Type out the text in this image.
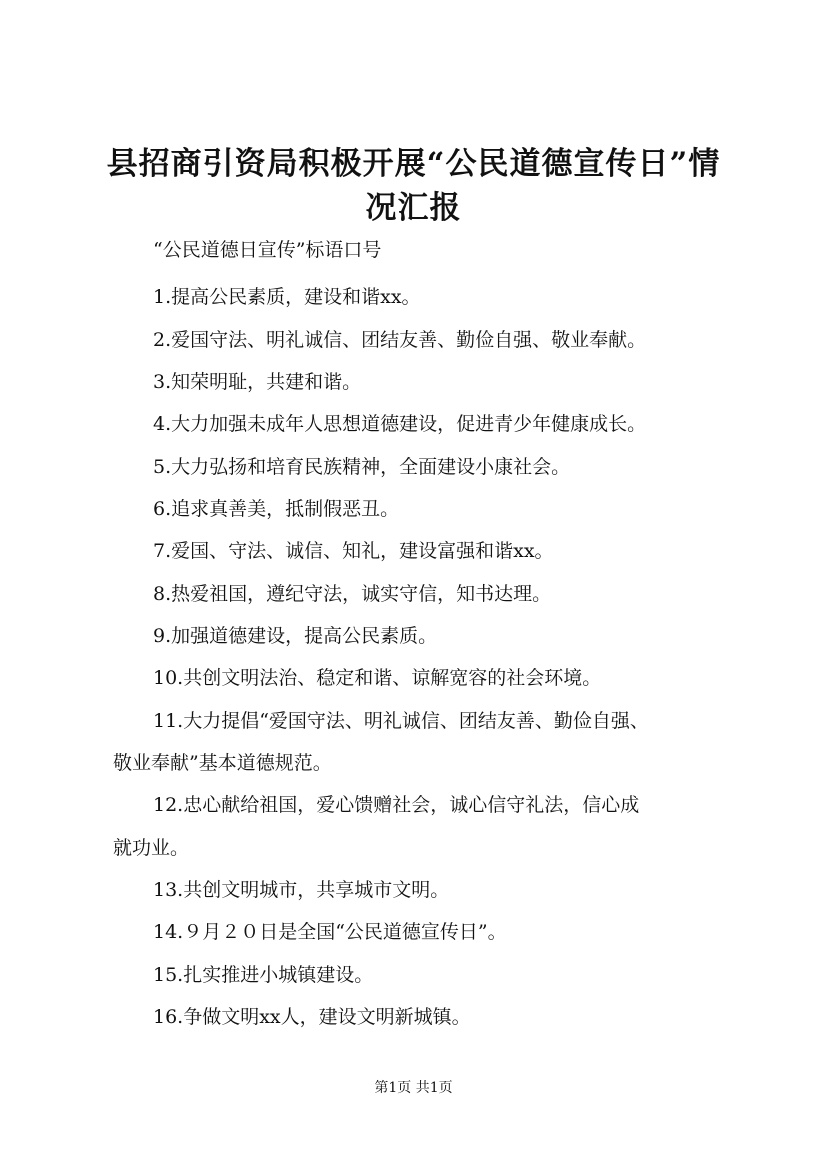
县招商引资局积极开展“公民道德宣传日”情
况汇报
“公民道德日宣传”标语口号
1.提高公民素质，建设和谐xx。
2.爱国守法、明礼诚信、团结友善、勤俭自强、敬业奉献。
3.知荣明耻，共建和谐。
4.大力加强未成年人思想道德建设，促进青少年健康成长。
5.大力弘扬和培育民族精神，全面建设小康社会。
6.追求真善美，抵制假恶丑。
7.爱国、守法、诚信、知礼，建设富强和谐xx。
8.热爱祖国，遵纪守法，诚实守信，知书达理。
9.加强道德建设，提高公民素质。
10.共创文明法治、稳定和谐、谅解宽容的社会环境。
11.大力提倡“爱国守法、明礼诚信、团结友善、勤俭自强、
敬业奉献”基本道德规范。
12.忠心献给祖国，爱心馈赠社会，诚心信守礼法，信心成
就功业。
13.共创文明城市，共享城市文明。
14.９月２０日是全国“公民道德宣传日”。
15.扎实推进小城镇建设。
16.争做文明xx人，建设文明新城镇。
第1页 共1页
